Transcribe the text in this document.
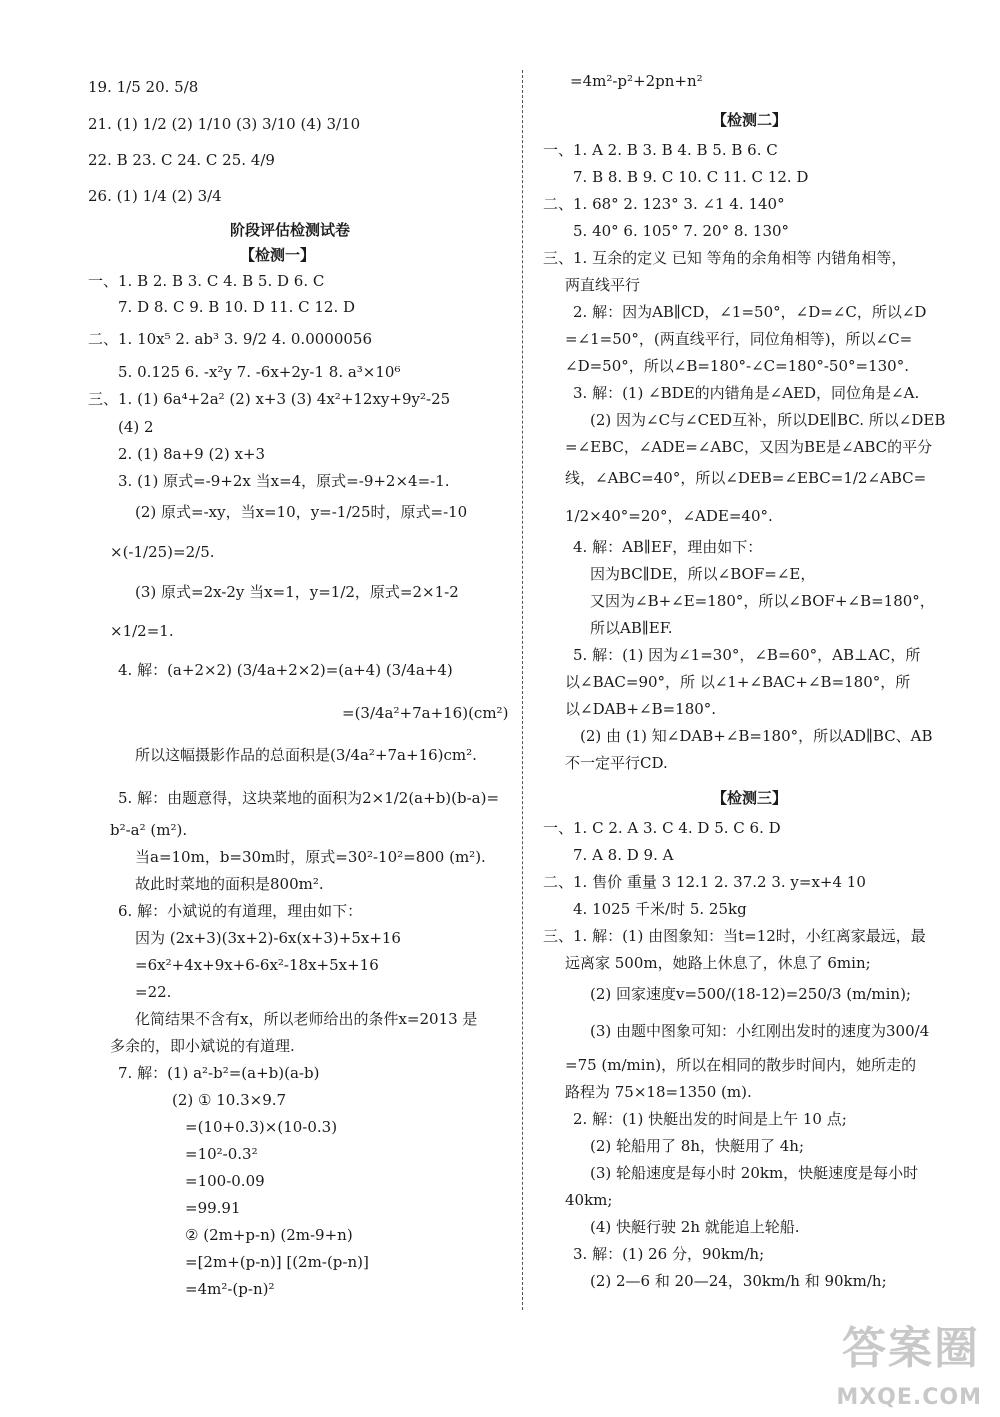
19. 1/5 20. 5/8
21. (1) 1/2 (2) 1/10 (3) 3/10 (4) 3/10
22. B 23. C 24. C 25. 4/9
26. (1) 1/4 (2) 3/4
阶段评估检测试卷
【检测一】
一、1. B 2. B 3. C 4. B 5. D 6. C
7. D 8. C 9. B 10. D 11. C 12. D
二、1. 10x⁵ 2. ab³ 3. 9/2 4. 0.0000056
5. 0.125 6. -x²y 7. -6x+2y-1 8. a³×10⁶
三、1. (1) 6a⁴+2a² (2) x+3 (3) 4x²+12xy+9y²-25
(4) 2
2. (1) 8a+9 (2) x+3
3. (1) 原式=-9+2x 当x=4，原式=-9+2×4=-1.
(2) 原式=-xy，当x=10，y=-1/25时，原式=-10
×(-1/25)=2/5.
(3) 原式=2x-2y 当x=1，y=1/2，原式=2×1-2
×1/2=1.
4. 解：(a+2×2) (3/4a+2×2)=(a+4) (3/4a+4)
=(3/4a²+7a+16)(cm²)
所以这幅摄影作品的总面积是(3/4a²+7a+16)cm².
5. 解：由题意得，这块菜地的面积为2×1/2(a+b)(b-a)=
b²-a² (m²).
当a=10m，b=30m时，原式=30²-10²=800 (m²).
故此时菜地的面积是800m².
6. 解：小斌说的有道理，理由如下：
因为 (2x+3)(3x+2)-6x(x+3)+5x+16
=6x²+4x+9x+6-6x²-18x+5x+16
=22.
化简结果不含有x，所以老师给出的条件x=2013 是
多余的，即小斌说的有道理.
7. 解：(1) a²-b²=(a+b)(a-b)
(2) ① 10.3×9.7
=(10+0.3)×(10-0.3)
=10²-0.3²
=100-0.09
=99.91
② (2m+p-n) (2m-9+n)
=[2m+(p-n)] [(2m-(p-n)]
=4m²-(p-n)²
=4m²-p²+2pn+n²
【检测二】
一、1. A 2. B 3. B 4. B 5. B 6. C
7. B 8. B 9. C 10. C 11. C 12. D
二、1. 68° 2. 123° 3. ∠1 4. 140°
5. 40° 6. 105° 7. 20° 8. 130°
三、1. 互余的定义 已知 等角的余角相等 内错角相等，
两直线平行
2. 解：因为AB∥CD，∠1=50°，∠D=∠C，所以∠D
=∠1=50°，(两直线平行，同位角相等)，所以∠C=
∠D=50°，所以∠B=180°-∠C=180°-50°=130°.
3. 解：(1) ∠BDE的内错角是∠AED，同位角是∠A.
(2) 因为∠C与∠CED互补，所以DE∥BC. 所以∠DEB
=∠EBC，∠ADE=∠ABC，又因为BE是∠ABC的平分
线，∠ABC=40°，所以∠DEB=∠EBC=1/2∠ABC=
1/2×40°=20°，∠ADE=40°.
4. 解：AB∥EF，理由如下：
因为BC∥DE，所以∠BOF=∠E，
又因为∠B+∠E=180°，所以∠BOF+∠B=180°，
所以AB∥EF.
5. 解：(1) 因为∠1=30°，∠B=60°，AB⊥AC，所
以∠BAC=90°，所 以∠1+∠BAC+∠B=180°，所
以∠DAB+∠B=180°.
(2) 由 (1) 知∠DAB+∠B=180°，所以AD∥BC、AB
不一定平行CD.
【检测三】
一、1. C 2. A 3. C 4. D 5. C 6. D
7. A 8. D 9. A
二、1. 售价 重量 3 12.1 2. 37.2 3. y=x+4 10
4. 1025 千米/时 5. 25kg
三、1. 解：(1) 由图象知：当t=12时，小红离家最远，最
远离家 500m，她路上休息了，休息了 6min;
(2) 回家速度v=500/(18-12)=250/3 (m/min);
(3) 由题中图象可知：小红刚出发时的速度为300/4
=75 (m/min)，所以在相同的散步时间内，她所走的
路程为 75×18=1350 (m).
2. 解：(1) 快艇出发的时间是上午 10 点;
(2) 轮船用了 8h，快艇用了 4h;
(3) 轮船速度是每小时 20km，快艇速度是每小时
40km;
(4) 快艇行驶 2h 就能追上轮船.
3. 解：(1) 26 分，90km/h;
(2) 2—6 和 20—24，30km/h 和 90km/h;
答案圈
MXQE.COM
